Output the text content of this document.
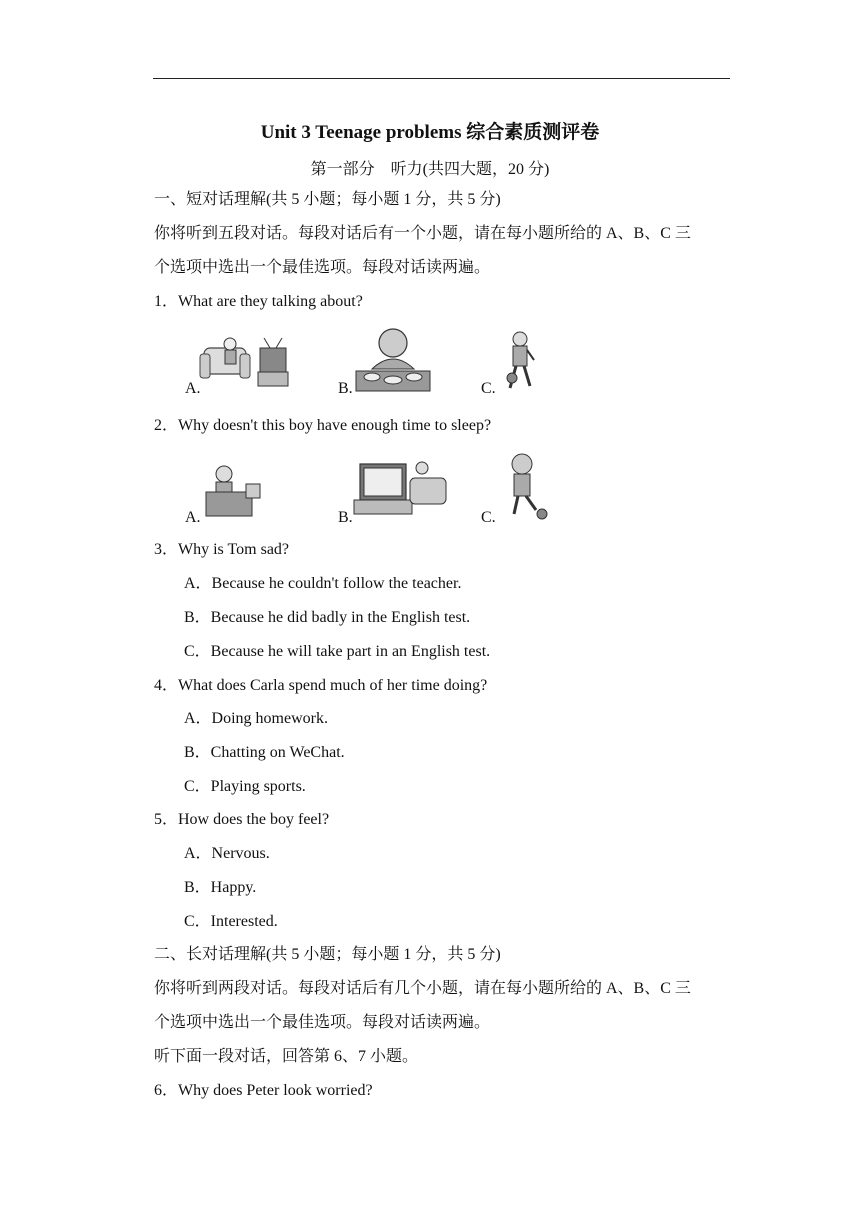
Unit 3 Teenage problems 综合素质测评卷
第一部分　听力(共四大题，20 分)
一、短对话理解(共 5 小题；每小题 1 分，共 5 分)
你将听到五段对话。每段对话后有一个小题，请在每小题所给的 A、B、C 三
个选项中选出一个最佳选项。每段对话读两遍。
1．What are they talking about?
A.	B.	C.
2．Why doesn't this boy have enough time to sleep?
A.	B.	C.
3．Why is Tom sad?
A．Because he couldn't follow the teacher.
B．Because he did badly in the English test.
C．Because he will take part in an English test.
4．What does Carla spend much of her time doing?
A．Doing homework.
B．Chatting on WeChat.
C．Playing sports.
5．How does the boy feel?
A．Nervous.
B．Happy.
C．Interested.
二、长对话理解(共 5 小题；每小题 1 分，共 5 分)
你将听到两段对话。每段对话后有几个小题，请在每小题所给的 A、B、C 三
个选项中选出一个最佳选项。每段对话读两遍。
听下面一段对话，回答第 6、7 小题。
6．Why does Peter look worried?
